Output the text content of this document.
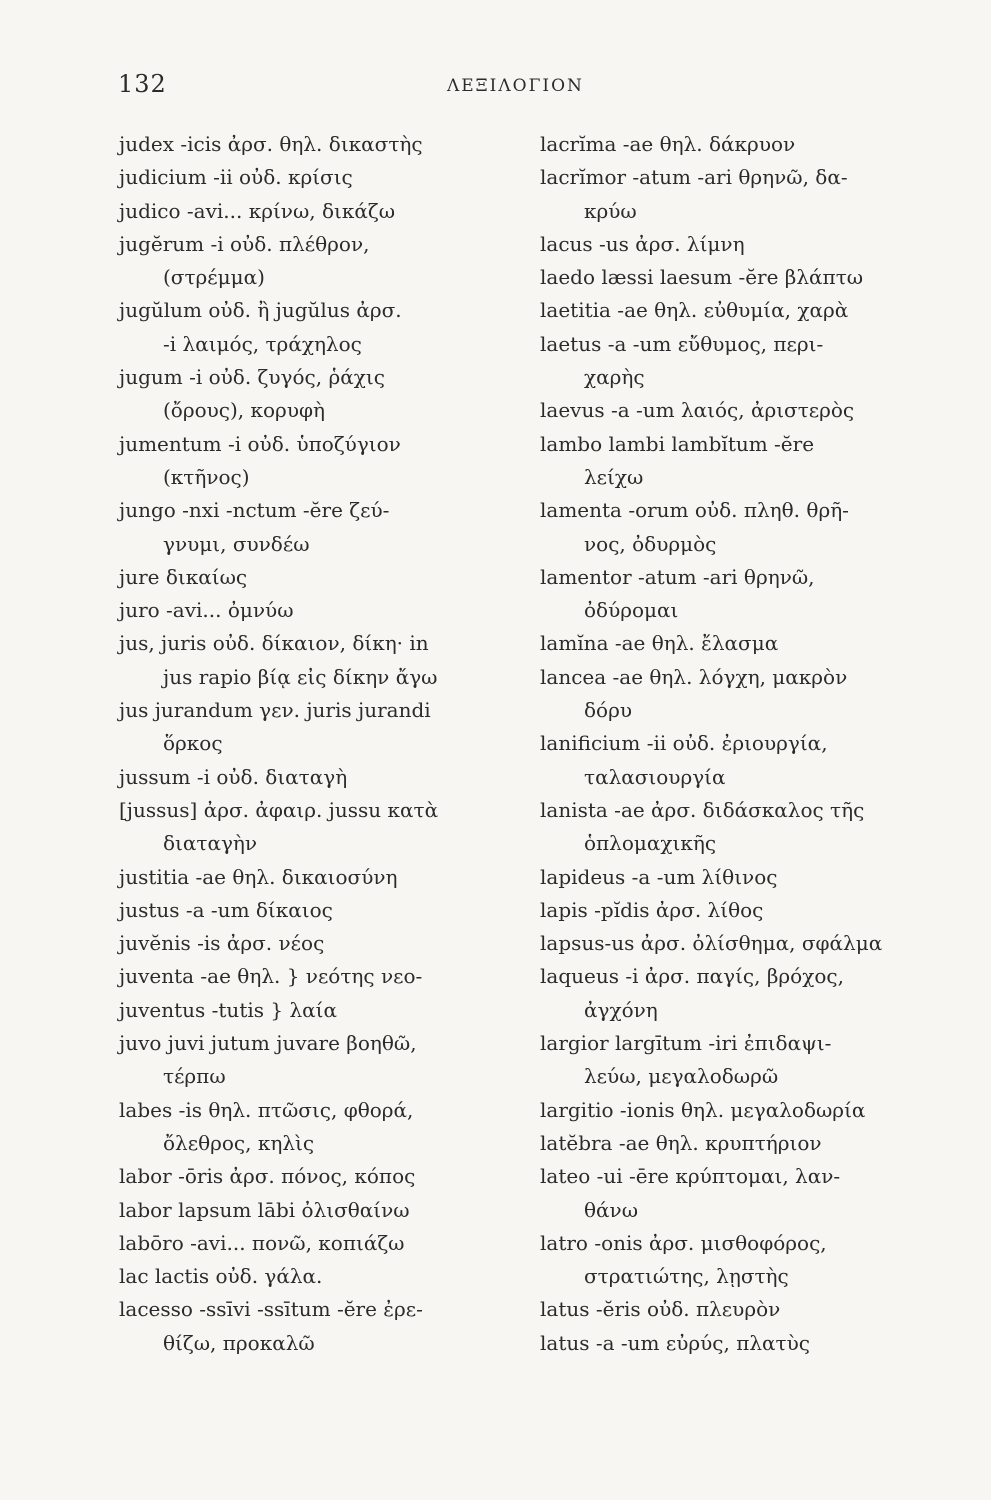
132	ΛΕΞΙΛΟΓΙΟΝ
judex -icis ἀρσ. θηλ. δικαστὴς
judicium -ii οὐδ. κρίσις
judico -avi... κρίνω, δικάζω
jugĕrum -i οὐδ. πλέθρον,
(στρέμμα)
jugŭlum οὐδ. ἢ jugŭlus ἀρσ.
-i λαιμός, τράχηλος
jugum -i οὐδ. ζυγός, ῥάχις
(ὄρους), κορυφὴ
jumentum -i οὐδ. ὑποζύγιον
(κτῆνος)
jungo -nxi -nctum -ĕre ζεύ-
γνυμι, συνδέω
jure δικαίως
juro -avi... ὀμνύω
jus, juris οὐδ. δίκαιον, δίκη· in
jus rapio βίᾳ εἰς δίκην ἄγω
jus jurandum γεν. juris jurandi
ὅρκος
jussum -i οὐδ. διαταγὴ
[jussus] ἀρσ. ἀφαιρ. jussu κατὰ
διαταγὴν
justitia -ae θηλ. δικαιοσύνη
justus -a -um δίκαιος
juvĕnis -is ἀρσ. νέος
juventa -ae θηλ. } νεότης νεο-
juventus -tutis } λαία
juvo juvi jutum juvare βοηθῶ,
τέρπω
labes -is θηλ. πτῶσις, φθορά,
ὄλεθρος, κηλὶς
labor -ōris ἀρσ. πόνος, κόπος
labor lapsum lābi ὀλισθαίνω
labōro -avi... πονῶ, κοπιάζω
lac lactis οὐδ. γάλα.
lacesso -ssīvi -ssītum -ĕre ἐρε-
θίζω, προκαλῶ
lacrĭma -ae θηλ. δάκρυον
lacrĭmor -atum -ari θρηνῶ, δα-
κρύω
lacus -us ἀρσ. λίμνη
laedo læssi laesum -ĕre βλάπτω
laetitia -ae θηλ. εὐθυμία, χαρὰ
laetus -a -um εὔθυμος, περι-
χαρὴς
laevus -a -um λαιός, ἀριστερὸς
lambo lambi lambĭtum -ĕre
λείχω
lamenta -orum οὐδ. πληθ. θρῆ-
νος, ὀδυρμὸς
lamentor -atum -ari θρηνῶ,
ὀδύρομαι
lamĭna -ae θηλ. ἔλασμα
lancea -ae θηλ. λόγχη, μακρὸν
δόρυ
lanificium -ii οὐδ. ἐριουργία,
ταλασιουργία
lanista -ae ἀρσ. διδάσκαλος τῆς
ὁπλομαχικῆς
lapideus -a -um λίθινος
lapis -pĭdis ἀρσ. λίθος
lapsus-us ἀρσ. ὀλίσθημα, σφάλμα
laqueus -i ἀρσ. παγίς, βρόχος,
ἀγχόνη
largior largītum -iri ἐπιδαψι-
λεύω, μεγαλοδωρῶ
largitio -ionis θηλ. μεγαλοδωρία
latĕbra -ae θηλ. κρυπτήριον
lateo -ui -ēre κρύπτομαι, λαν-
θάνω
latro -onis ἀρσ. μισθοφόρος,
στρατιώτης, λῃστὴς
latus -ĕris οὐδ. πλευρὸν
latus -a -um εὐρύς, πλατὺς
